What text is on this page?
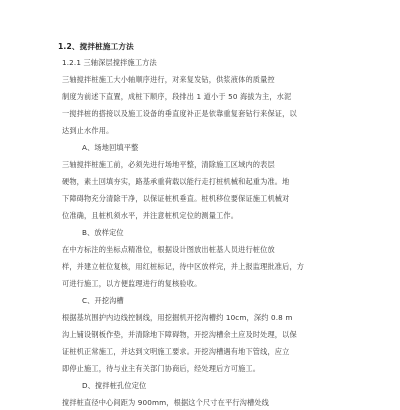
1.2、搅拌桩施工方法
1.2.1 三轴深层搅拌施工方法
三轴搅拌桩施工大小轴顺序进行，对来复发钻，供浆液体的质量控
制度为前述下直置，成桩下顺序，段排出 1 道小于 50 海拔为主，水泥
一搅拌桩的搭接以及施工设备的垂直度补正是依靠重复套钻行来保证，以
达到止水作用。
A、场地回填平整
三轴搅拌桩施工前，必须先进行场地平整，清除施工区域内的表层
硬物，素土回填夯实，路基承重荷载以能行走打桩机械和起重为准。地
下障碍物充分清除干净，以保证桩机垂直。桩机移位要保证施工机械对
位准确，且桩机须水平，并注意桩机定位的测量工作。
B、放样定位
在中方标注的坐标点精准位，根据设计图放出桩基人员进行桩位放
样，并建立桩位复核，用红桩标记，待中区放样完，并上报监理批准后，方
可进行施工，以方便监理进行的复核验收。
C、开挖沟槽
根据基坑围护内边线控制线，用挖掘机开挖沟槽约 10cm，深约 0.8 m
沟上铺设钢板作垫，并清除地下障碍物，开挖沟槽余土应及时处理，以保
证桩机正常施工，并达到文明施工要求。开挖沟槽遇有地下管线，应立
即停止施工，待与业主有关部门协商后，经处理后方可施工。
D、搅拌桩孔位定位
搅拌桩直径中心间距为 900mm，根据这个尺寸在平行沟槽处线
